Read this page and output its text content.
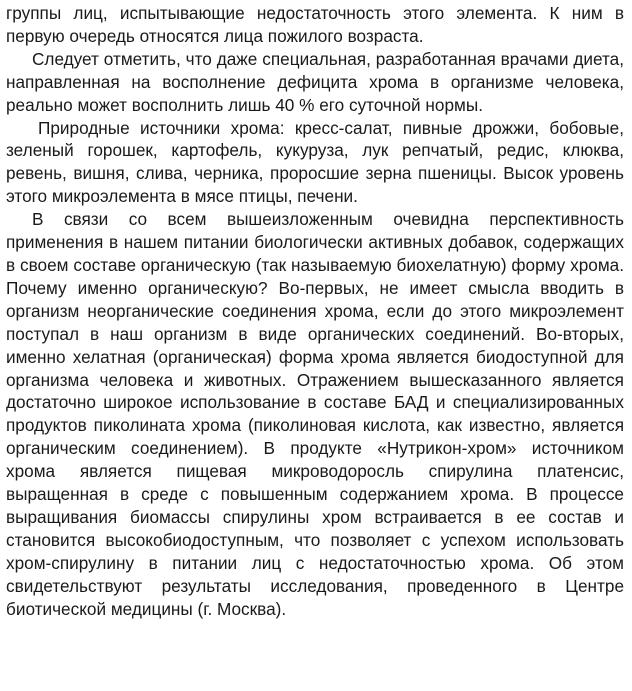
группы лиц, испытывающие недостаточность этого элемента. К ним в первую очередь относятся лица пожилого возраста.

Следует отметить, что даже специальная, разработанная врачами диета, направленная на восполнение дефицита хрома в организме человека, реально может восполнить лишь 40 % его суточной нормы.

Природные источники хрома: кресс-салат, пивные дрожжи, бобовые, зеленый горошек, картофель, кукуруза, лук репчатый, редис, клюква, ревень, вишня, слива, черника, проросшие зерна пшеницы. Высок уровень этого микроэлемента в мясе птицы, печени.

В связи со всем вышеизложенным очевидна перспективность применения в нашем питании биологически активных добавок, содержащих в своем составе органическую (так называемую биохелатную) форму хрома. Почему именно органическую? Во-первых, не имеет смысла вводить в организм неорганические соединения хрома, если до этого микроэлемент поступал в наш организм в виде органических соединений. Во-вторых, именно хелатная (органическая) форма хрома является биодоступной для организма человека и животных. Отражением вышесказанного является достаточно широкое использование в составе БАД и специализированных продуктов пиколината хрома (пиколиновая кислота, как известно, является органическим соединением). В продукте «Нутрикон-хром» источником хрома является пищевая микроводоросль спирулина платенсис, выращенная в среде с повышенным содержанием хрома. В процессе выращивания биомассы спирулины хром встраивается в ее состав и становится высокобиодоступным, что позволяет с успехом использовать хром-спирулину в питании лиц с недостаточностью хрома. Об этом свидетельствуют результаты исследования, проведенного в Центре биотической медицины (г. Москва).
